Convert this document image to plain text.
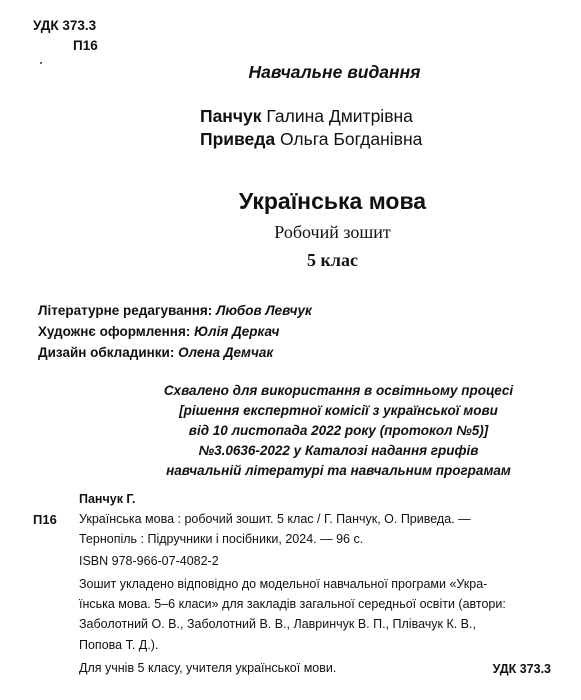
УДК 373.3
П16
Навчальне видання
Панчук Галина Дмитрівна
Приведа Ольга Богданівна
Українська мова
Робочий зошит
5 клас
Літературне редагування: Любов Левчук
Художнє оформлення: Юлія Деркач
Дизайн обкладинки: Олена Демчак
Схвалено для використання в освітньому процесі
[рішення експертної комісії з української мови
від 10 листопада 2022 року (протокол №5)]
№3.0636-2022 у Каталозі надання грифів
навчальній літературі та навчальним програмам
Панчук Г.
П16 Українська мова : робочий зошит. 5 клас / Г. Панчук, О. Приведа. —
Тернопіль : Підручники і посібники, 2024. — 96 с.
ISBN 978-966-07-4082-2
Зошит укладено відповідно до модельної навчальної програми «Укра-
їнська мова. 5–6 класи» для закладів загальної середньої освіти (автори:
Заболотний О. В., Заболотний В. В., Лавринчук В. П., Плівачук К. В.,
Попова Т. Д.).
Для учнів 5 класу, учителя української мови.	УДК 373.3
